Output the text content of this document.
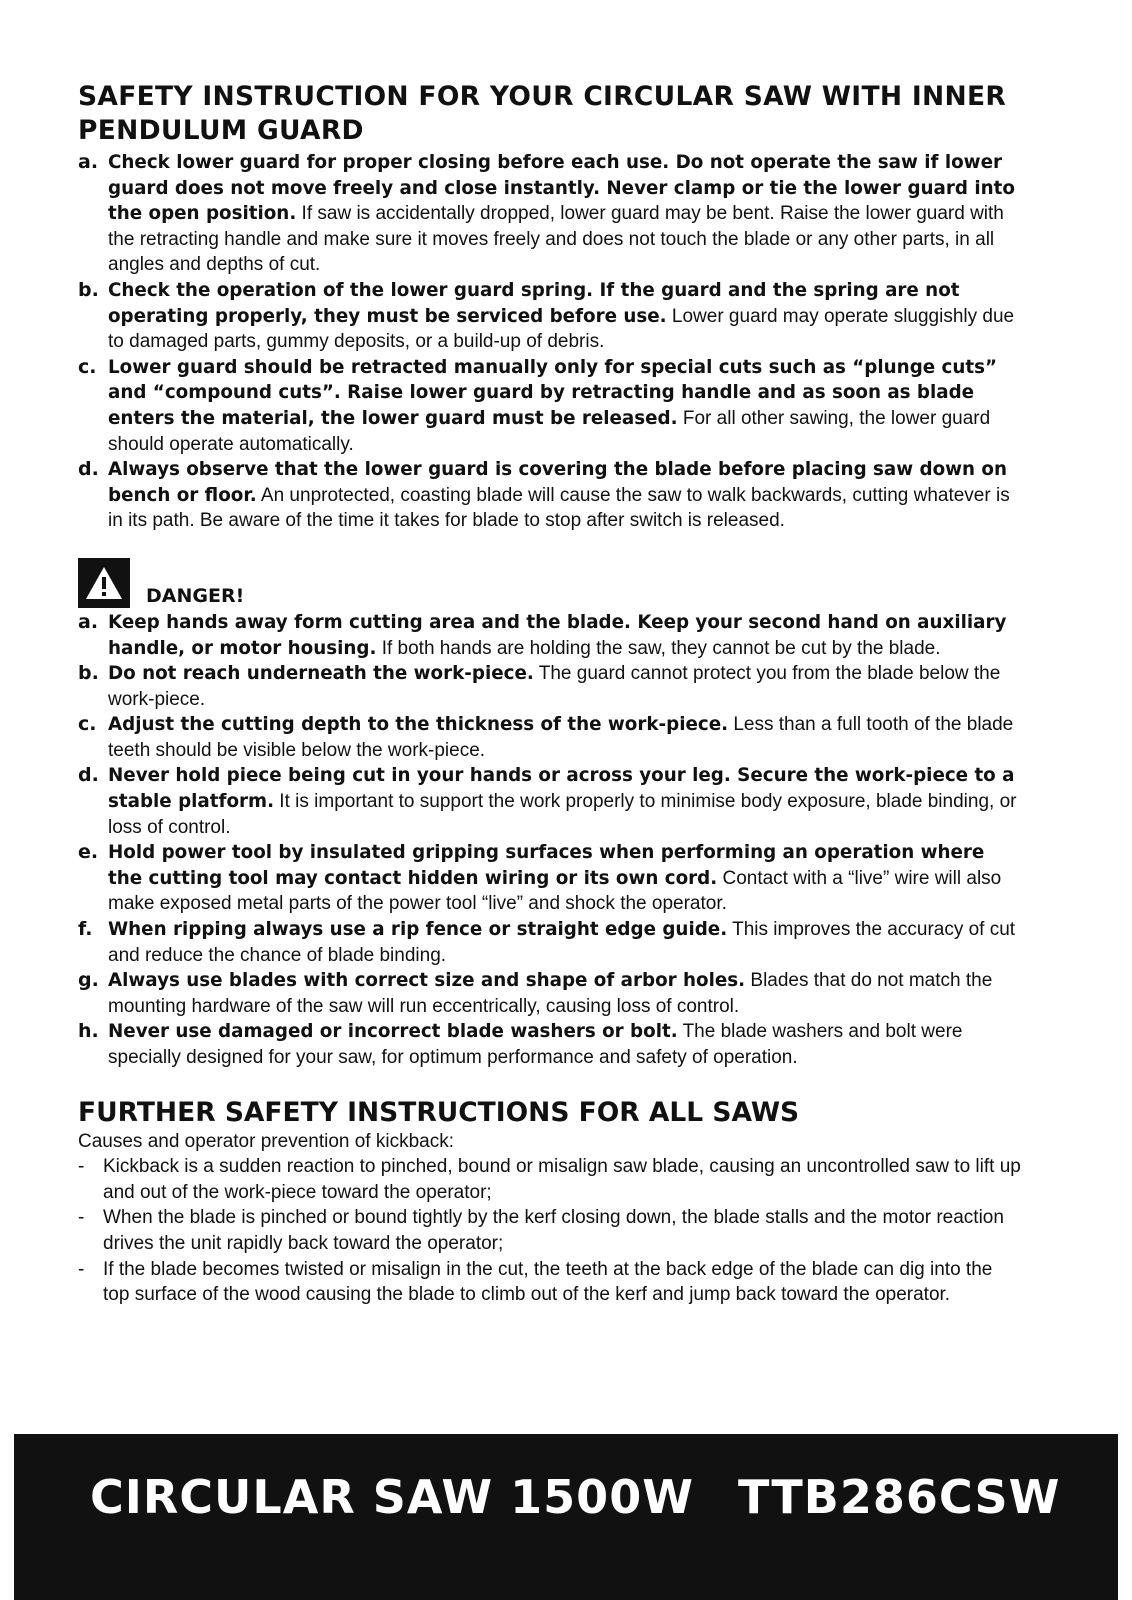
SAFETY INSTRUCTION FOR YOUR CIRCULAR SAW WITH INNER PENDULUM GUARD
a. Check lower guard for proper closing before each use. Do not operate the saw if lower guard does not move freely and close instantly. Never clamp or tie the lower guard into the open position. If saw is accidentally dropped, lower guard may be bent. Raise the lower guard with the retracting handle and make sure it moves freely and does not touch the blade or any other parts, in all angles and depths of cut.
b. Check the operation of the lower guard spring. If the guard and the spring are not operating properly, they must be serviced before use. Lower guard may operate sluggishly due to damaged parts, gummy deposits, or a build-up of debris.
c. Lower guard should be retracted manually only for special cuts such as “plunge cuts” and “compound cuts”. Raise lower guard by retracting handle and as soon as blade enters the material, the lower guard must be released. For all other sawing, the lower guard should operate automatically.
d. Always observe that the lower guard is covering the blade before placing saw down on bench or floor. An unprotected, coasting blade will cause the saw to walk backwards, cutting whatever is in its path. Be aware of the time it takes for blade to stop after switch is released.
DANGER!
a. Keep hands away form cutting area and the blade. Keep your second hand on auxiliary handle, or motor housing. If both hands are holding the saw, they cannot be cut by the blade.
b. Do not reach underneath the work-piece. The guard cannot protect you from the blade below the work-piece.
c. Adjust the cutting depth to the thickness of the work-piece. Less than a full tooth of the blade teeth should be visible below the work-piece.
d. Never hold piece being cut in your hands or across your leg. Secure the work-piece to a stable platform. It is important to support the work properly to minimise body exposure, blade binding, or loss of control.
e. Hold power tool by insulated gripping surfaces when performing an operation where the cutting tool may contact hidden wiring or its own cord. Contact with a “live” wire will also make exposed metal parts of the power tool “live” and shock the operator.
f. When ripping always use a rip fence or straight edge guide. This improves the accuracy of cut and reduce the chance of blade binding.
g. Always use blades with correct size and shape of arbor holes. Blades that do not match the mounting hardware of the saw will run eccentrically, causing loss of control.
h. Never use damaged or incorrect blade washers or bolt. The blade washers and bolt were specially designed for your saw, for optimum performance and safety of operation.
FURTHER SAFETY INSTRUCTIONS FOR ALL SAWS

Causes and operator prevention of kickback:

- Kickback is a sudden reaction to pinched, bound or misalign saw blade, causing an uncontrolled saw to lift up and out of the work-piece toward the operator;
- When the blade is pinched or bound tightly by the kerf closing down, the blade stalls and the motor reaction drives the unit rapidly back toward the operator;
- If the blade becomes twisted or misalign in the cut, the teeth at the back edge of the blade can dig into the top surface of the wood causing the blade to climb out of the kerf and jump back toward the operator.
CIRCULAR SAW 1500W TTB286CSW
